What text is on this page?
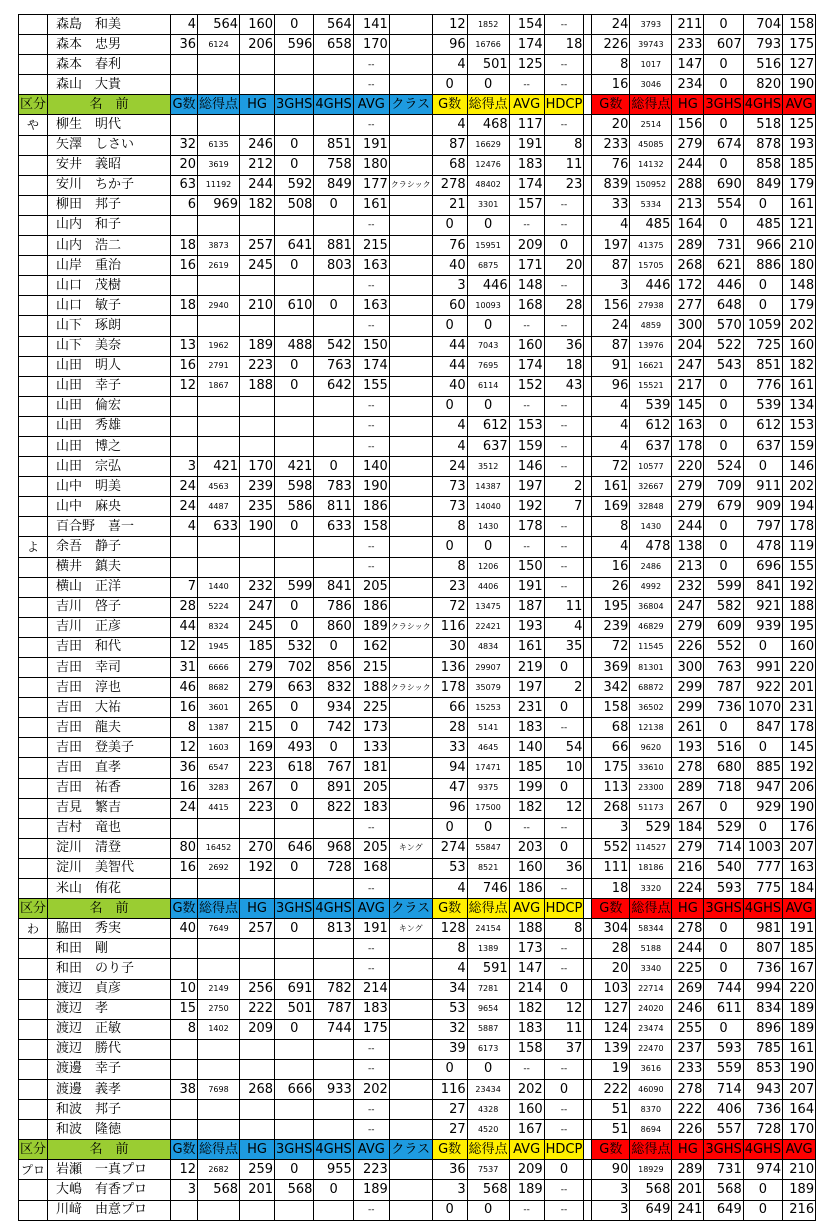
	森島　和美	4	564	160	0	564	141		12	1852	154	--		24	3793	211	0	704	158
	森本　忠男	36	6124	206	596	658	170		96	16766	174	18		226	39743	233	607	793	175
	森本　春利						--		4	501	125	--		8	1017	147	0	516	127
	森山　大貴						--		0	0	--	--		16	3046	234	0	820	190
区分	名　前	G数	総得点	HG	3GHS	4GHS	AVG	クラス	G数	総得点	AVG	HDCP		G数	総得点	HG	3GHS	4GHS	AVG
や	柳生　明代						--		4	468	117	--		20	2514	156	0	518	125
	矢澤　しさい	32	6135	246	0	851	191		87	16629	191	8		233	45085	279	674	878	193
	安井　義昭	20	3619	212	0	758	180		68	12476	183	11		76	14132	244	0	858	185
	安川　ちか子	63	11192	244	592	849	177	クラシック	278	48402	174	23		839	150952	288	690	849	179
	柳田　邦子	6	969	182	508	0	161		21	3301	157	--		33	5334	213	554	0	161
	山内　和子						--		0	0	--	--		4	485	164	0	485	121
	山内　浩二	18	3873	257	641	881	215		76	15951	209	0		197	41375	289	731	966	210
	山岸　重治	16	2619	245	0	803	163		40	6875	171	20		87	15705	268	621	886	180
	山口　茂樹						--		3	446	148	--		3	446	172	446	0	148
	山口　敏子	18	2940	210	610	0	163		60	10093	168	28		156	27938	277	648	0	179
	山下　琢朗						--		0	0	--	--		24	4859	300	570	1059	202
	山下　美奈	13	1962	189	488	542	150		44	7043	160	36		87	13976	204	522	725	160
	山田　明人	16	2791	223	0	763	174		44	7695	174	18		91	16621	247	543	851	182
	山田　幸子	12	1867	188	0	642	155		40	6114	152	43		96	15521	217	0	776	161
	山田　倫宏						--		0	0	--	--		4	539	145	0	539	134
	山田　秀雄						--		4	612	153	--		4	612	163	0	612	153
	山田　博之						--		4	637	159	--		4	637	178	0	637	159
	山田　宗弘	3	421	170	421	0	140		24	3512	146	--		72	10577	220	524	0	146
	山中　明美	24	4563	239	598	783	190		73	14387	197	2		161	32667	279	709	911	202
	山中　麻央	24	4487	235	586	811	186		73	14040	192	7		169	32848	279	679	909	194
	百合野　喜一	4	633	190	0	633	158		8	1430	178	--		8	1430	244	0	797	178
よ	余吾　静子						--		0	0	--	--		4	478	138	0	478	119
	横井　鎮夫						--		8	1206	150	--		16	2486	213	0	696	155
	横山　正洋	7	1440	232	599	841	205		23	4406	191	--		26	4992	232	599	841	192
	吉川　啓子	28	5224	247	0	786	186		72	13475	187	11		195	36804	247	582	921	188
	吉川　正彦	44	8324	245	0	860	189	クラシック	116	22421	193	4		239	46829	279	609	939	195
	吉田　和代	12	1945	185	532	0	162		30	4834	161	35		72	11545	226	552	0	160
	吉田　幸司	31	6666	279	702	856	215		136	29907	219	0		369	81301	300	763	991	220
	吉田　淳也	46	8682	279	663	832	188	クラシック	178	35079	197	2		342	68872	299	787	922	201
	吉田　大祐	16	3601	265	0	934	225		66	15253	231	0		158	36502	299	736	1070	231
	吉田　龍夫	8	1387	215	0	742	173		28	5141	183	--		68	12138	261	0	847	178
	吉田　登美子	12	1603	169	493	0	133		33	4645	140	54		66	9620	193	516	0	145
	吉田　直孝	36	6547	223	618	767	181		94	17471	185	10		175	33610	278	680	885	192
	吉田　祐香	16	3283	267	0	891	205		47	9375	199	0		113	23300	289	718	947	206
	吉見　繁吉	24	4415	223	0	822	183		96	17500	182	12		268	51173	267	0	929	190
	吉村　竜也						--		0	0	--	--		3	529	184	529	0	176
	淀川　清登	80	16452	270	646	968	205	キング	274	55847	203	0		552	114527	279	714	1003	207
	淀川　美智代	16	2692	192	0	728	168		53	8521	160	36		111	18186	216	540	777	163
	米山　侑花						--		4	746	186	--		18	3320	224	593	775	184
区分	名　前	G数	総得点	HG	3GHS	4GHS	AVG	クラス	G数	総得点	AVG	HDCP		G数	総得点	HG	3GHS	4GHS	AVG
わ	脇田　秀実	40	7649	257	0	813	191	キング	128	24154	188	8		304	58344	278	0	981	191
	和田　剛						--		8	1389	173	--		28	5188	244	0	807	185
	和田　のり子						--		4	591	147	--		20	3340	225	0	736	167
	渡辺　貞彦	10	2149	256	691	782	214		34	7281	214	0		103	22714	269	744	994	220
	渡辺　孝	15	2750	222	501	787	183		53	9654	182	12		127	24020	246	611	834	189
	渡辺　正敏	8	1402	209	0	744	175		32	5887	183	11		124	23474	255	0	896	189
	渡辺　勝代						--		39	6173	158	37		139	22470	237	593	785	161
	渡邊　幸子						--		0	0	--	--		19	3616	233	559	853	190
	渡邊　義孝	38	7698	268	666	933	202		116	23434	202	0		222	46090	278	714	943	207
	和波　邦子						--		27	4328	160	--		51	8370	222	406	736	164
	和波　隆徳						--		27	4520	167	--		51	8694	226	557	728	170
区分	名　前	G数	総得点	HG	3GHS	4GHS	AVG	クラス	G数	総得点	AVG	HDCP		G数	総得点	HG	3GHS	4GHS	AVG
プロ	岩瀬　一真プロ	12	2682	259	0	955	223		36	7537	209	0		90	18929	289	731	974	210
	大嶋　有香プロ	3	568	201	568	0	189		3	568	189	--		3	568	201	568	0	189
	川﨑　由意プロ						--		0	0	--	--		3	649	241	649	0	216
